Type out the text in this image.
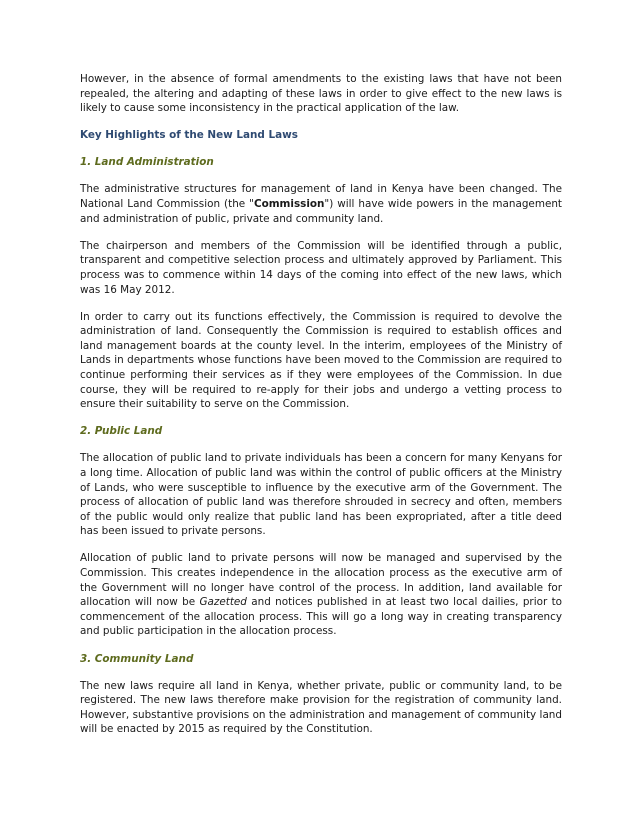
However, in the absence of formal amendments to the existing laws that have not been repealed, the altering and adapting of these laws in order to give effect to the new laws is likely to cause some inconsistency in the practical application of the law.

Key Highlights of the New Land Laws

1. Land Administration

The administrative structures for management of land in Kenya have been changed. The National Land Commission (the "Commission") will have wide powers in the management and administration of public, private and community land.

The chairperson and members of the Commission will be identified through a public, transparent and competitive selection process and ultimately approved by Parliament. This process was to commence within 14 days of the coming into effect of the new laws, which was 16 May 2012.

In order to carry out its functions effectively, the Commission is required to devolve the administration of land. Consequently the Commission is required to establish offices and land management boards at the county level. In the interim, employees of the Ministry of Lands in departments whose functions have been moved to the Commission are required to continue performing their services as if they were employees of the Commission. In due course, they will be required to re-apply for their jobs and undergo a vetting process to ensure their suitability to serve on the Commission.

2. Public Land

The allocation of public land to private individuals has been a concern for many Kenyans for a long time. Allocation of public land was within the control of public officers at the Ministry of Lands, who were susceptible to influence by the executive arm of the Government. The process of allocation of public land was therefore shrouded in secrecy and often, members of the public would only realize that public land has been expropriated, after a title deed has been issued to private persons.

Allocation of public land to private persons will now be managed and supervised by the Commission. This creates independence in the allocation process as the executive arm of the Government will no longer have control of the process. In addition, land available for allocation will now be Gazetted and notices published in at least two local dailies, prior to commencement of the allocation process. This will go a long way in creating transparency and public participation in the allocation process.

3. Community Land

The new laws require all land in Kenya, whether private, public or community land, to be registered. The new laws therefore make provision for the registration of community land. However, substantive provisions on the administration and management of community land will be enacted by 2015 as required by the Constitution.
